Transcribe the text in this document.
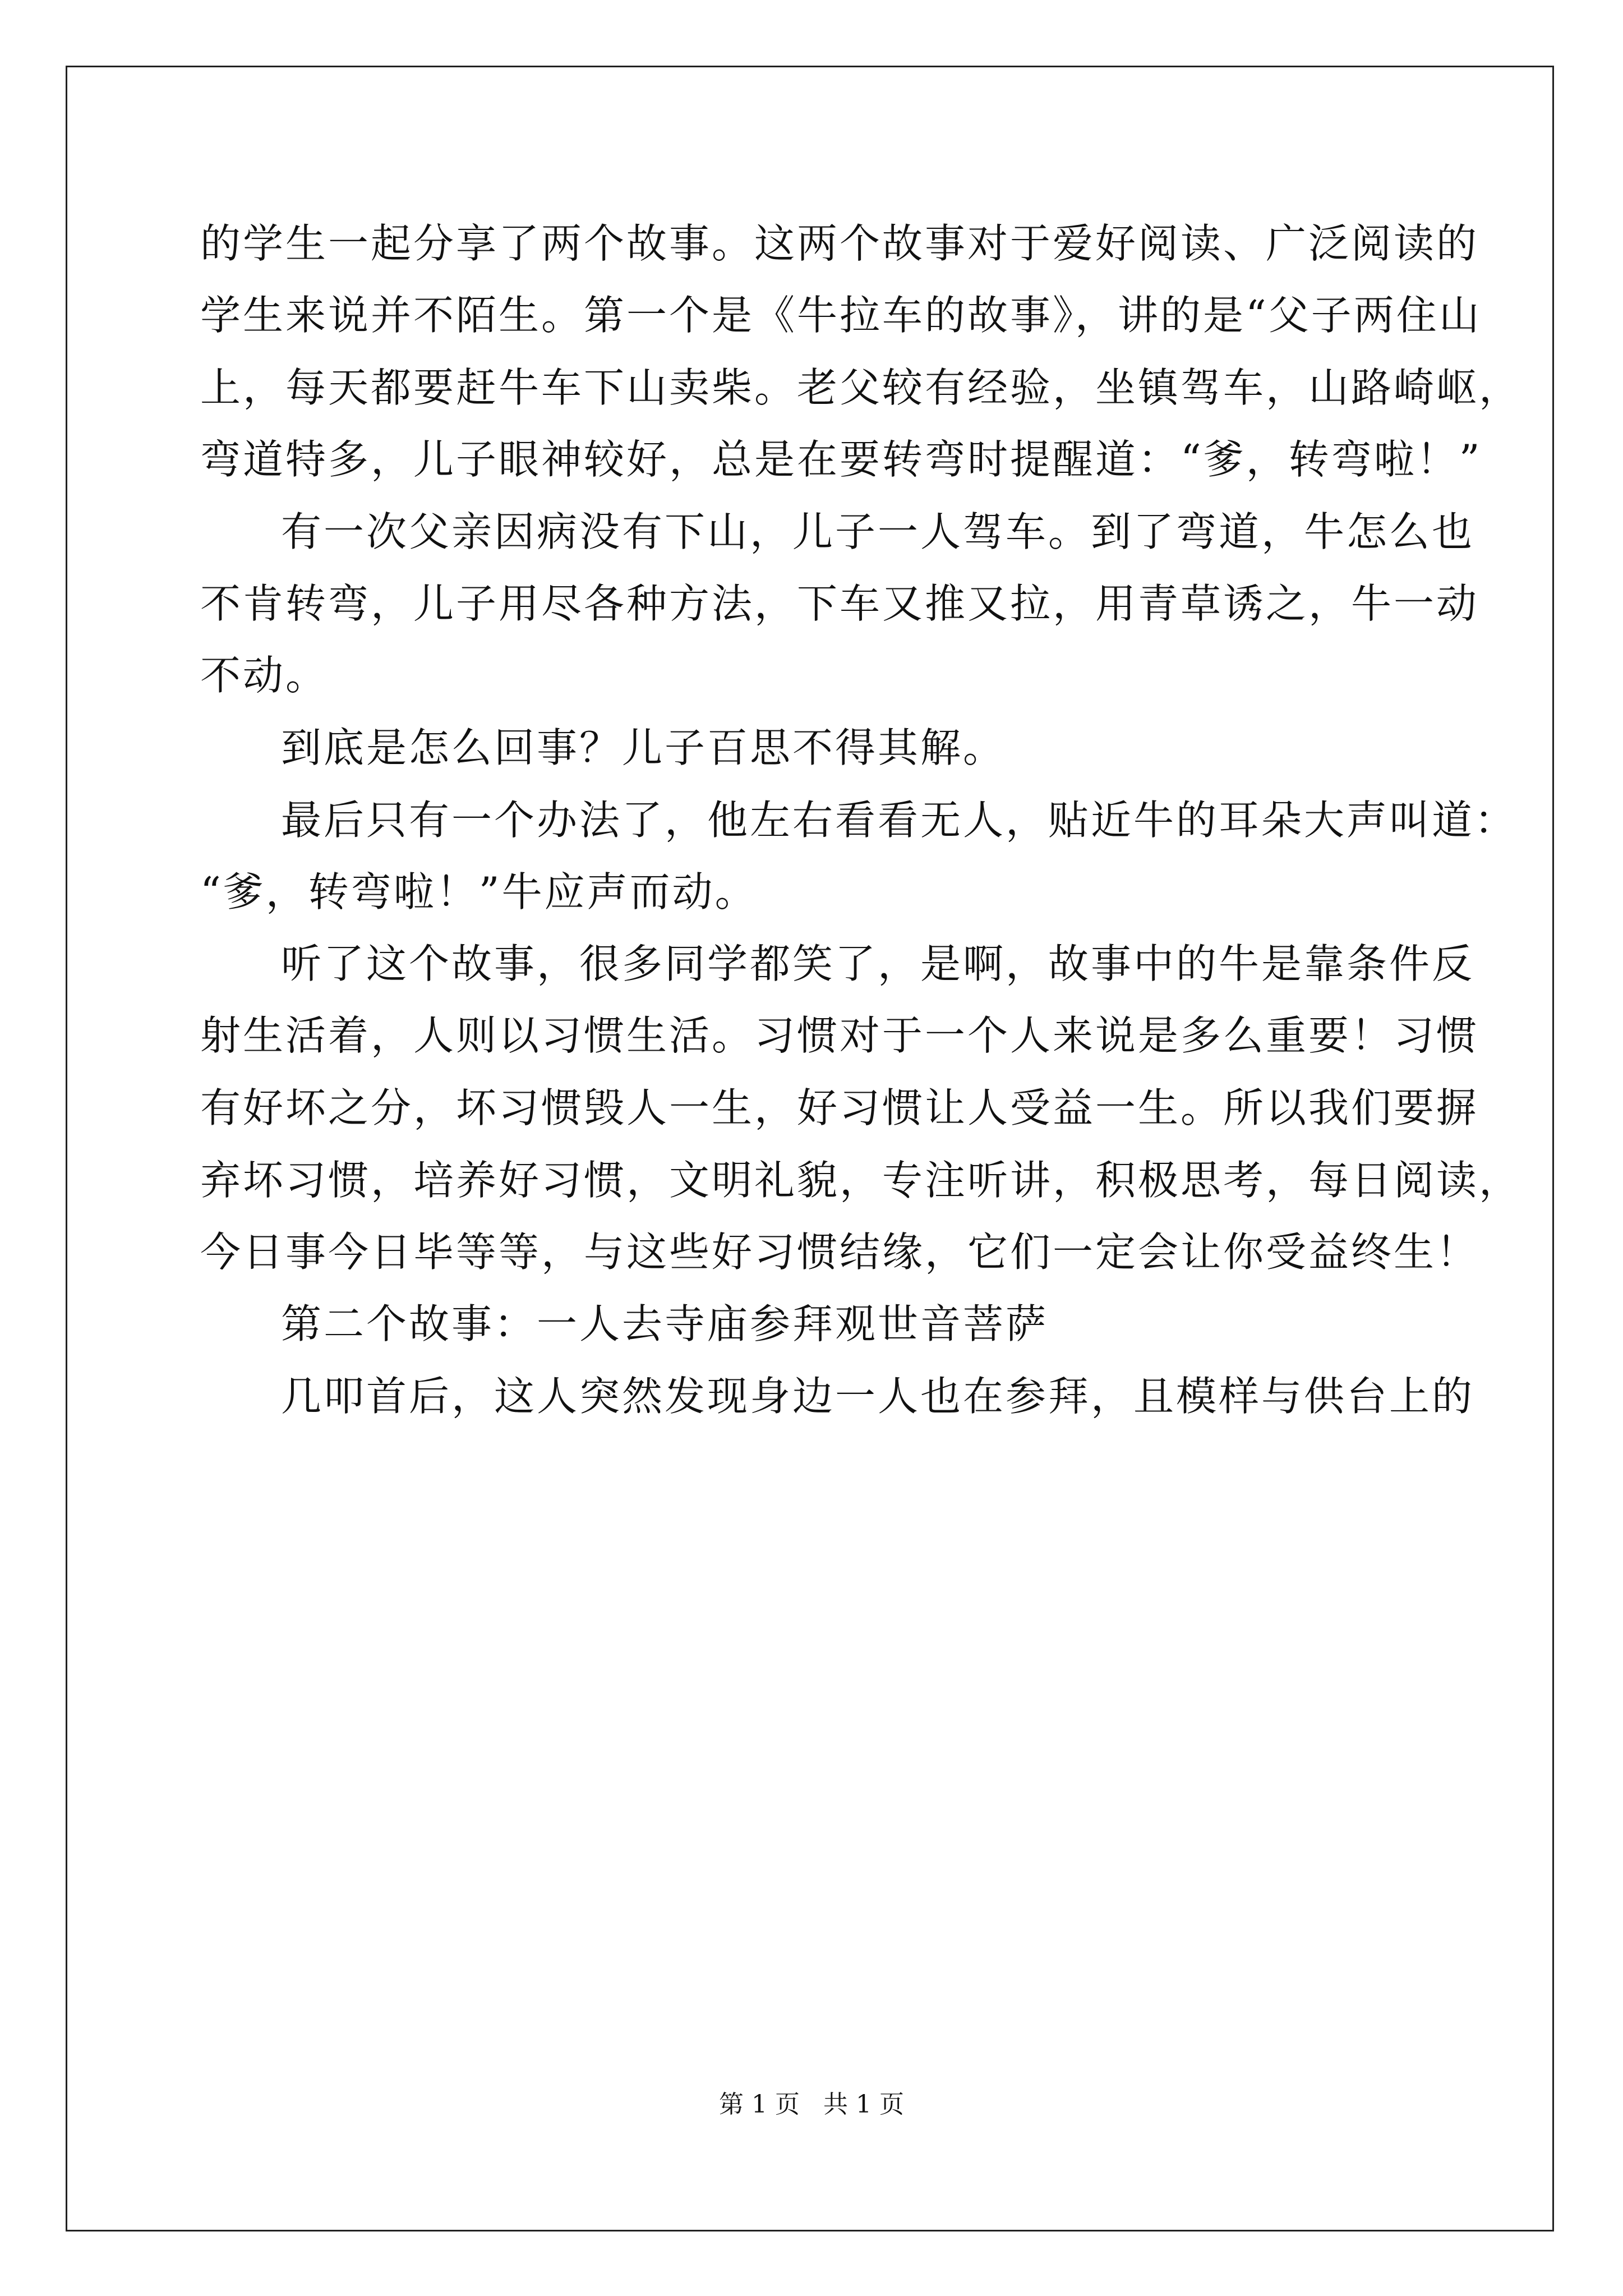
的学生一起分享了两个故事。这两个故事对于爱好阅读、广泛阅读的
学生来说并不陌生。第一个是《牛拉车的故事》，讲的是“父子两住山
上，每天都要赶牛车下山卖柴。老父较有经验，坐镇驾车，山路崎岖，
弯道特多，儿子眼神较好，总是在要转弯时提醒道：“爹，转弯啦！”
有一次父亲因病没有下山，儿子一人驾车。到了弯道，牛怎么也
不肯转弯，儿子用尽各种方法，下车又推又拉，用青草诱之，牛一动
不动。
到底是怎么回事？儿子百思不得其解。
最后只有一个办法了，他左右看看无人，贴近牛的耳朵大声叫道：
“爹，转弯啦！”牛应声而动。
听了这个故事，很多同学都笑了，是啊，故事中的牛是靠条件反
射生活着，人则以习惯生活。习惯对于一个人来说是多么重要！习惯
有好坏之分，坏习惯毁人一生，好习惯让人受益一生。所以我们要摒
弃坏习惯，培养好习惯，文明礼貌，专注听讲，积极思考，每日阅读，
今日事今日毕等等，与这些好习惯结缘，它们一定会让你受益终生！
第二个故事：一人去寺庙参拜观世音菩萨
几叩首后，这人突然发现身边一人也在参拜，且模样与供台上的
第 1 页   共 1 页
